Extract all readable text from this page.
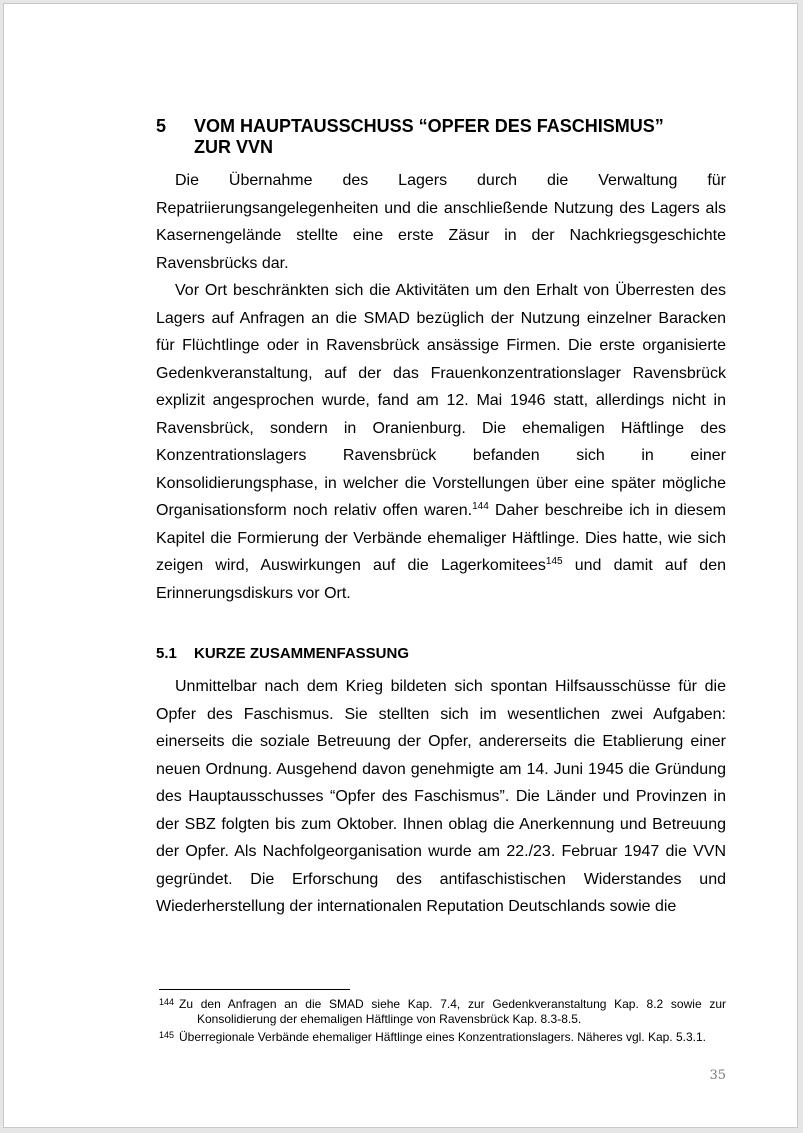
5	VOM HAUPTAUSSCHUSS “OPFER DES FASCHISMUS”
ZUR VVN

Die Übernahme des Lagers durch die Verwaltung für Repatriierungsangelegenheiten und die anschließende Nutzung des Lagers als Kasernengelände stellte eine erste Zäsur in der Nachkriegsgeschichte Ravensbrücks dar.

Vor Ort beschränkten sich die Aktivitäten um den Erhalt von Überresten des Lagers auf Anfragen an die SMAD bezüglich der Nutzung einzelner Baracken für Flüchtlinge oder in Ravensbrück ansässige Firmen. Die erste organisierte Gedenkveranstaltung, auf der das Frauenkonzentrationslager Ravensbrück explizit angesprochen wurde, fand am 12. Mai 1946 statt, allerdings nicht in Ravensbrück, sondern in Oranienburg. Die ehemaligen Häftlinge des Konzentrationslagers Ravensbrück befanden sich in einer Konsolidierungsphase, in welcher die Vorstellungen über eine später mögliche Organisationsform noch relativ offen waren.$^{144}$ Daher beschreibe ich in diesem Kapitel die Formierung der Verbände ehemaliger Häftlinge. Dies hatte, wie sich zeigen wird, Auswirkungen auf die Lagerkomitees$^{145}$ und damit auf den Erinnerungsdiskurs vor Ort.

5.1	KURZE ZUSAMMENFASSUNG

Unmittelbar nach dem Krieg bildeten sich spontan Hilfsausschüsse für die Opfer des Faschismus. Sie stellten sich im wesentlichen zwei Aufgaben: einerseits die soziale Betreuung der Opfer, andererseits die Etablierung einer neuen Ordnung. Ausgehend davon genehmigte am 14. Juni 1945 die Gründung des Hauptausschusses “Opfer des Faschismus”. Die Länder und Provinzen in der SBZ folgten bis zum Oktober. Ihnen oblag die Anerkennung und Betreuung der Opfer. Als Nachfolgeorganisation wurde am 22./23. Februar 1947 die VVN gegründet. Die Erforschung des antifaschistischen Widerstandes und Wiederherstellung der internationalen Reputation Deutschlands sowie die

144 Zu den Anfragen an die SMAD siehe Kap. 7.4, zur Gedenkveranstaltung Kap. 8.2 sowie zur Konsolidierung der ehemaligen Häftlinge von Ravensbrück Kap. 8.3-8.5.

145 Überregionale Verbände ehemaliger Häftlinge eines Konzentrationslagers. Näheres vgl. Kap. 5.3.1.

35
